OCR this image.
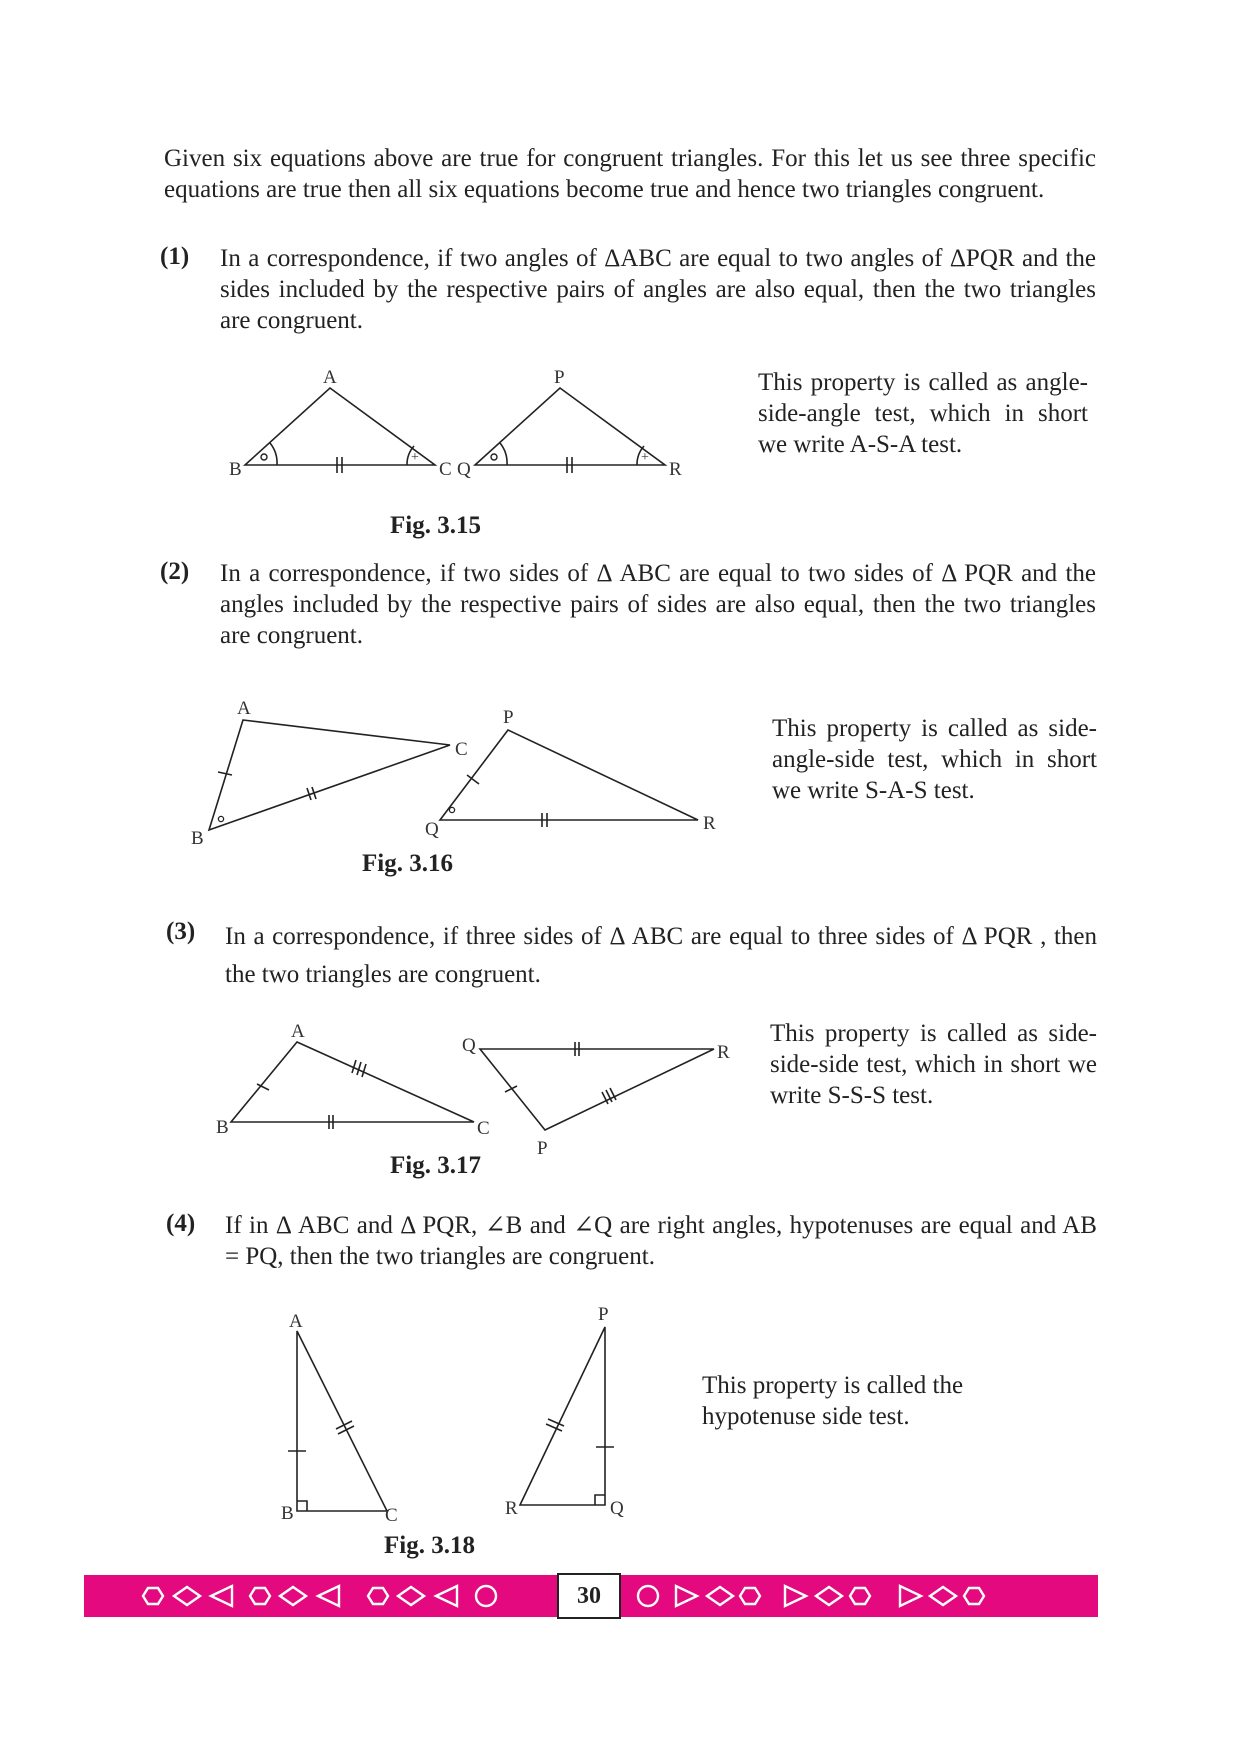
Given six equations above are true for congruent triangles. For this let us see three specific equations are true then all six equations become true and hence two triangles congruent.
(1) In a correspondence, if two angles of ΔABC are equal to two angles of ΔPQR and the sides included by the respective pairs of angles are also equal, then the two triangles are congruent.
A
B	C
+
P
Q	R
+
This property is called as angle-side-angle test, which in short we write A-S-A test.
Fig. 3.15
(2) In a correspondence, if two sides of Δ ABC are equal to two sides of Δ PQR and the angles included by the respective pairs of sides are also equal, then the two triangles are congruent.
A
B
C
P
Q	R
This property is called as side-angle-side test, which in short we write S-A-S test.
Fig. 3.16
(3) In a correspondence, if three sides of Δ ABC are equal to three sides of Δ PQR , then the two triangles are congruent.
A
B	C
Q	R
P
This property is called as side-side-side test, which in short we write S-S-S test.
Fig. 3.17
(4) If in Δ ABC and Δ PQR, ∠B and ∠Q are right angles, hypotenuses are equal and AB = PQ, then the two triangles are congruent.
A
B	C
P
R	Q
This property is called the hypotenuse side test.
Fig. 3.18
30
